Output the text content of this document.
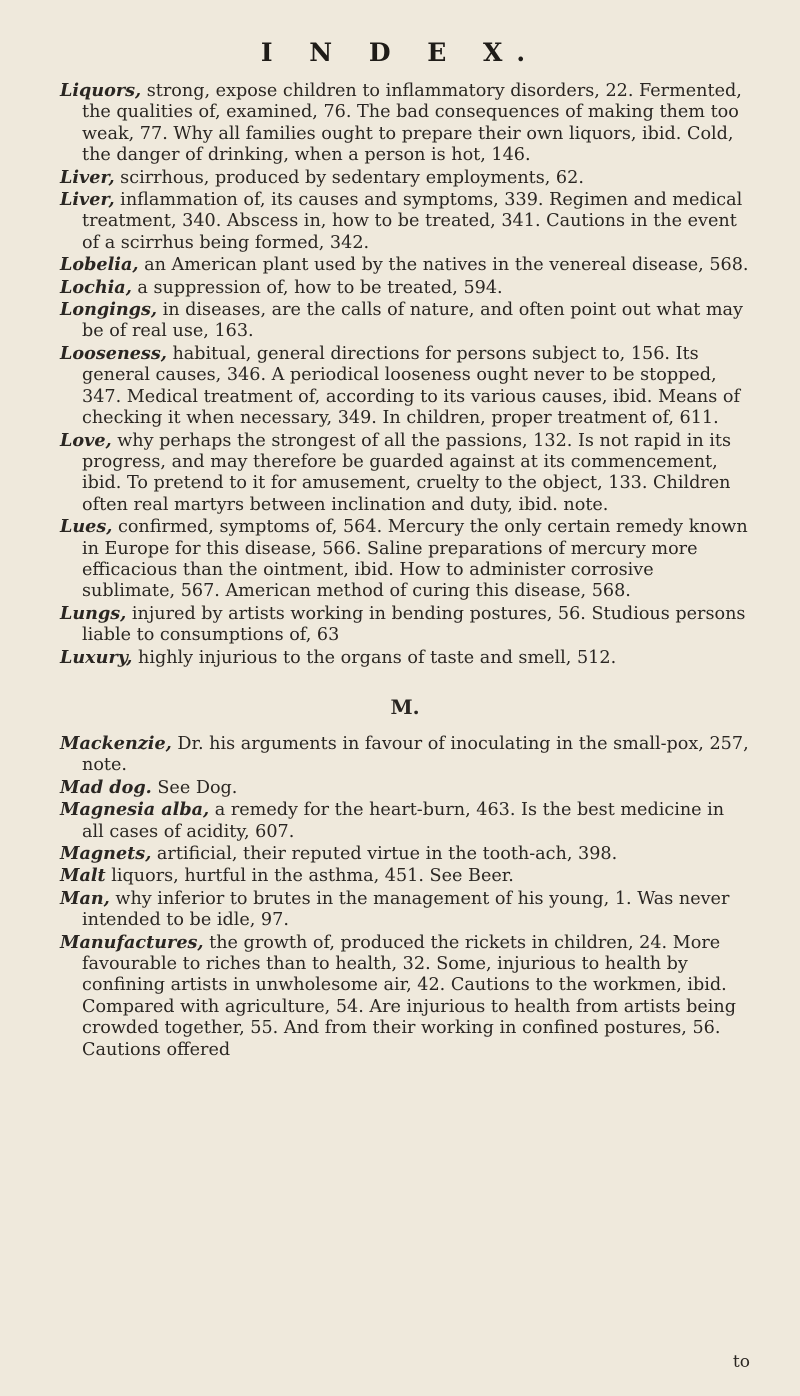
I N D E X.

Liquors, strong, expose children to inflammatory disorders, 22. Fermented, the qualities of, examined, 76. The bad consequences of making them too weak, 77. Why all families ought to prepare their own liquors, ibid. Cold, the danger of drinking, when a person is hot, 146.

Liver, scirrhous, produced by sedentary employments, 62.

Liver, inflammation of, its causes and symptoms, 339. Regimen and medical treatment, 340. Abscess in, how to be treated, 341. Cautions in the event of a scirrhus being formed, 342.

Lobelia, an American plant used by the natives in the venereal disease, 568.

Lochia, a suppression of, how to be treated, 594.

Longings, in diseases, are the calls of nature, and often point out what may be of real use, 163.

Looseness, habitual, general directions for persons subject to, 156. Its general causes, 346. A periodical looseness ought never to be stopped, 347. Medical treatment of, according to its various causes, ibid. Means of checking it when necessary, 349. In children, proper treatment of, 611.

Love, why perhaps the strongest of all the passions, 132. Is not rapid in its progress, and may therefore be guarded against at its commencement, ibid. To pretend to it for amusement, cruelty to the object, 133. Children often real martyrs between inclination and duty, ibid. note.

Lues, confirmed, symptoms of, 564. Mercury the only certain remedy known in Europe for this disease, 566. Saline preparations of mercury more efficacious than the ointment, ibid. How to administer corrosive sublimate, 567. American method of curing this disease, 568.

Lungs, injured by artists working in bending postures, 56. Studious persons liable to consumptions of, 63

Luxury, highly injurious to the organs of taste and smell, 512.

M.

Mackenzie, Dr. his arguments in favour of inoculating in the small-pox, 257, note.

Mad dog. See Dog.

Magnesia alba, a remedy for the heart-burn, 463. Is the best medicine in all cases of acidity, 607.

Magnets, artificial, their reputed virtue in the tooth-ach, 398.

Malt liquors, hurtful in the asthma, 451. See Beer.

Man, why inferior to brutes in the management of his young, 1. Was never intended to be idle, 97.

Manufactures, the growth of, produced the rickets in children, 24. More favourable to riches than to health, 32. Some, injurious to health by confining artists in unwholesome air, 42. Cautions to the workmen, ibid. Compared with agriculture, 54. Are injurious to health from artists being crowded together, 55. And from their working in confined postures, 56. Cautions offered

to
